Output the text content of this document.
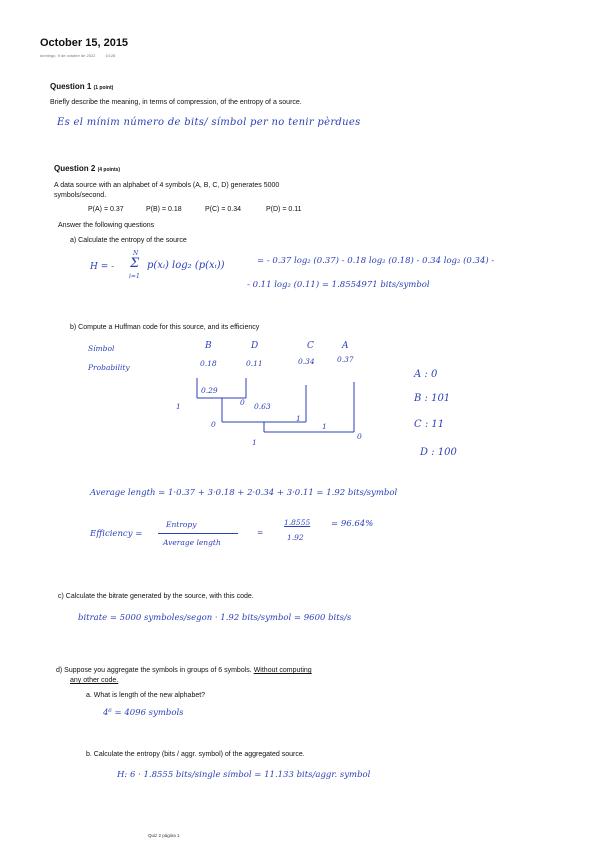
October 15, 2015
domingo, 9 de octubre de 2022	10:28
Question 1 (1 point)
Briefly describe the meaning, in terms of compression, of the entropy of a source.
Es el mínim número de bits/ símbol per no tenir pèrdues
Question 2 (4 points)
A data source with an alphabet of 4 symbols (A, B, C, D) generates 5000
symbols/second.
P(A) = 0.37	P(B) = 0.18	P(C) = 0.34	P(D) = 0.11
Answer the following questions
a) Calculate the entropy of the source
H = -
N
Σ
i=1
p(xᵢ) log₂ (p(xᵢ))	= - 0.37 log₂ (0.37) - 0.18 log₂ (0.18) - 0.34 log₂ (0.34) -
- 0.11 log₂ (0.11) = 1.8554971 bits/symbol
b) Compute a Huffman code for this source, and its efficiency
Símbol
Probability
B	D	C	A
0.18	0.11	0.34	0.37
0.29
0.63
1	0
0
1
1
1
0
A : 0
B : 101
C : 11
D : 100
Average length = 1·0.37 + 3·0.18 + 2·0.34 + 3·0.11 = 1.92 bits/symbol
Efficiency =
Entropy
Average length
=
1.8555
1.92
= 96.64%
c) Calculate the bitrate generated by the source, with this code.
bitrate = 5000 symboles/segon · 1.92 bits/symbol = 9600 bits/s
d) Suppose you aggregate the symbols in groups of 6 symbols. Without computing
any other code.
a. What is length of the new alphabet?
4⁶ = 4096 symbols
b. Calculate the entropy (bits / aggr. symbol) of the aggregated source.
H: 6 · 1.8555 bits/single símbol = 11.133 bits/aggr. symbol
Quiz 2 página 1
